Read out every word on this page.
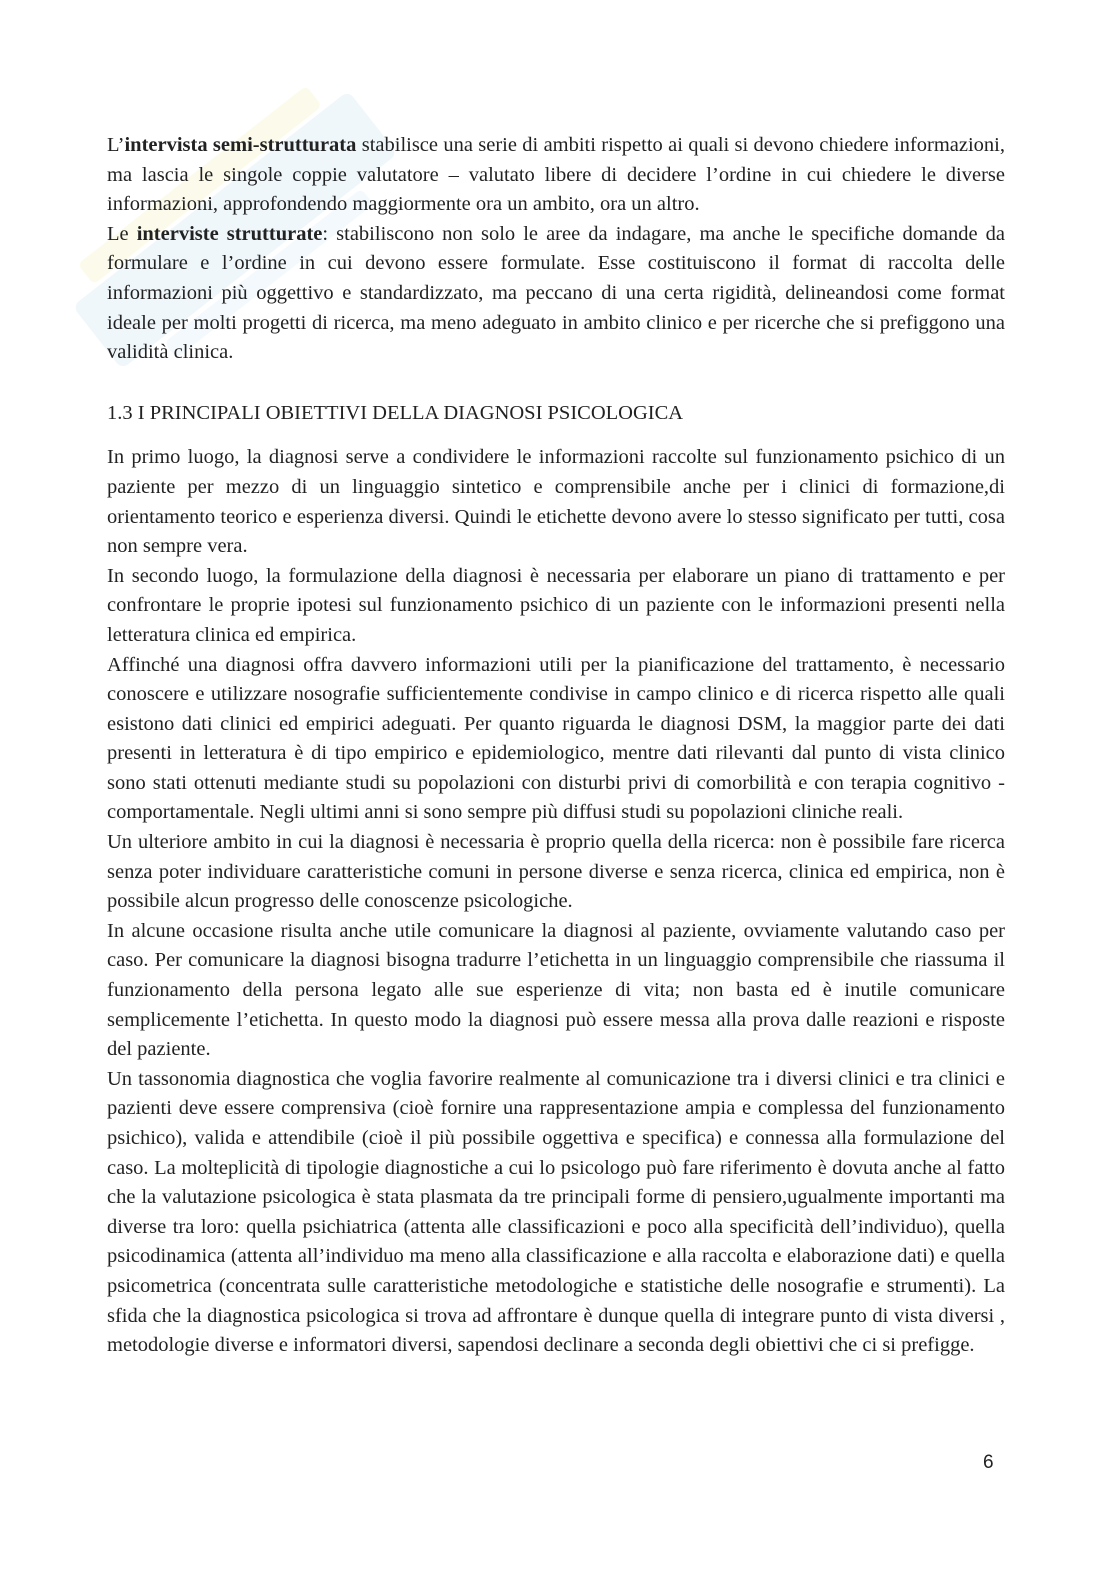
L’intervista semi-strutturata stabilisce una serie di ambiti rispetto ai quali si devono chiedere informazioni, ma lascia le singole coppie valutatore – valutato libere di decidere l’ordine in cui chiedere le diverse informazioni, approfondendo maggiormente ora un ambito, ora un altro.

Le interviste strutturate: stabiliscono non solo le aree da indagare, ma anche le specifiche domande da formulare e l’ordine in cui devono essere formulate. Esse costituiscono il format di raccolta delle informazioni più oggettivo e standardizzato, ma peccano di una certa rigidità, delineandosi come format ideale per molti progetti di ricerca, ma meno adeguato in ambito clinico e per ricerche che si prefiggono una validità clinica.

1.3 I PRINCIPALI OBIETTIVI DELLA DIAGNOSI PSICOLOGICA

In primo luogo, la diagnosi serve a condividere le informazioni raccolte sul funzionamento psichico di un paziente per mezzo di un linguaggio sintetico e comprensibile anche per i clinici di formazione,di orientamento teorico e esperienza diversi. Quindi le etichette devono avere lo stesso significato per tutti, cosa non sempre vera.

In secondo luogo, la formulazione della diagnosi è necessaria per elaborare un piano di trattamento e per confrontare le proprie ipotesi sul funzionamento psichico di un paziente con le informazioni presenti nella letteratura clinica ed empirica.

Affinché una diagnosi offra davvero informazioni utili per la pianificazione del trattamento, è necessario conoscere e utilizzare nosografie sufficientemente condivise in campo clinico e di ricerca rispetto alle quali esistono dati clinici ed empirici adeguati. Per quanto riguarda le diagnosi DSM, la maggior parte dei dati presenti in letteratura è di tipo empirico e epidemiologico, mentre dati rilevanti dal punto di vista clinico sono stati ottenuti mediante studi su popolazioni con disturbi privi di comorbilità e con terapia cognitivo - comportamentale. Negli ultimi anni si sono sempre più diffusi studi su popolazioni cliniche reali.

Un ulteriore ambito in cui la diagnosi è necessaria è proprio quella della ricerca: non è possibile fare ricerca senza poter individuare caratteristiche comuni in persone diverse e senza ricerca, clinica ed empirica, non è possibile alcun progresso delle conoscenze psicologiche.

In alcune occasione risulta anche utile comunicare la diagnosi al paziente, ovviamente valutando caso per caso. Per comunicare la diagnosi bisogna tradurre l’etichetta in un linguaggio comprensibile che riassuma il funzionamento della persona legato alle sue esperienze di vita; non basta ed è inutile comunicare semplicemente l’etichetta. In questo modo la diagnosi può essere messa alla prova dalle reazioni e risposte del paziente.

Un tassonomia diagnostica che voglia favorire realmente al comunicazione tra i diversi clinici e tra clinici e pazienti deve essere comprensiva (cioè fornire una rappresentazione ampia e complessa del funzionamento psichico), valida e attendibile (cioè il più possibile oggettiva e specifica) e connessa alla formulazione del caso. La molteplicità di tipologie diagnostiche a cui lo psicologo può fare riferimento è dovuta anche al fatto che la valutazione psicologica è stata plasmata da tre principali forme di pensiero,ugualmente importanti ma diverse tra loro: quella psichiatrica (attenta alle classificazioni e poco alla specificità dell’individuo), quella psicodinamica (attenta all’individuo ma meno alla classificazione e alla raccolta e elaborazione dati) e quella psicometrica (concentrata sulle caratteristiche metodologiche e statistiche delle nosografie e strumenti). La sfida che la diagnostica psicologica si trova ad affrontare è dunque quella di integrare punto di vista diversi , metodologie diverse e informatori diversi, sapendosi declinare a seconda degli obiettivi che ci si prefigge.

6
